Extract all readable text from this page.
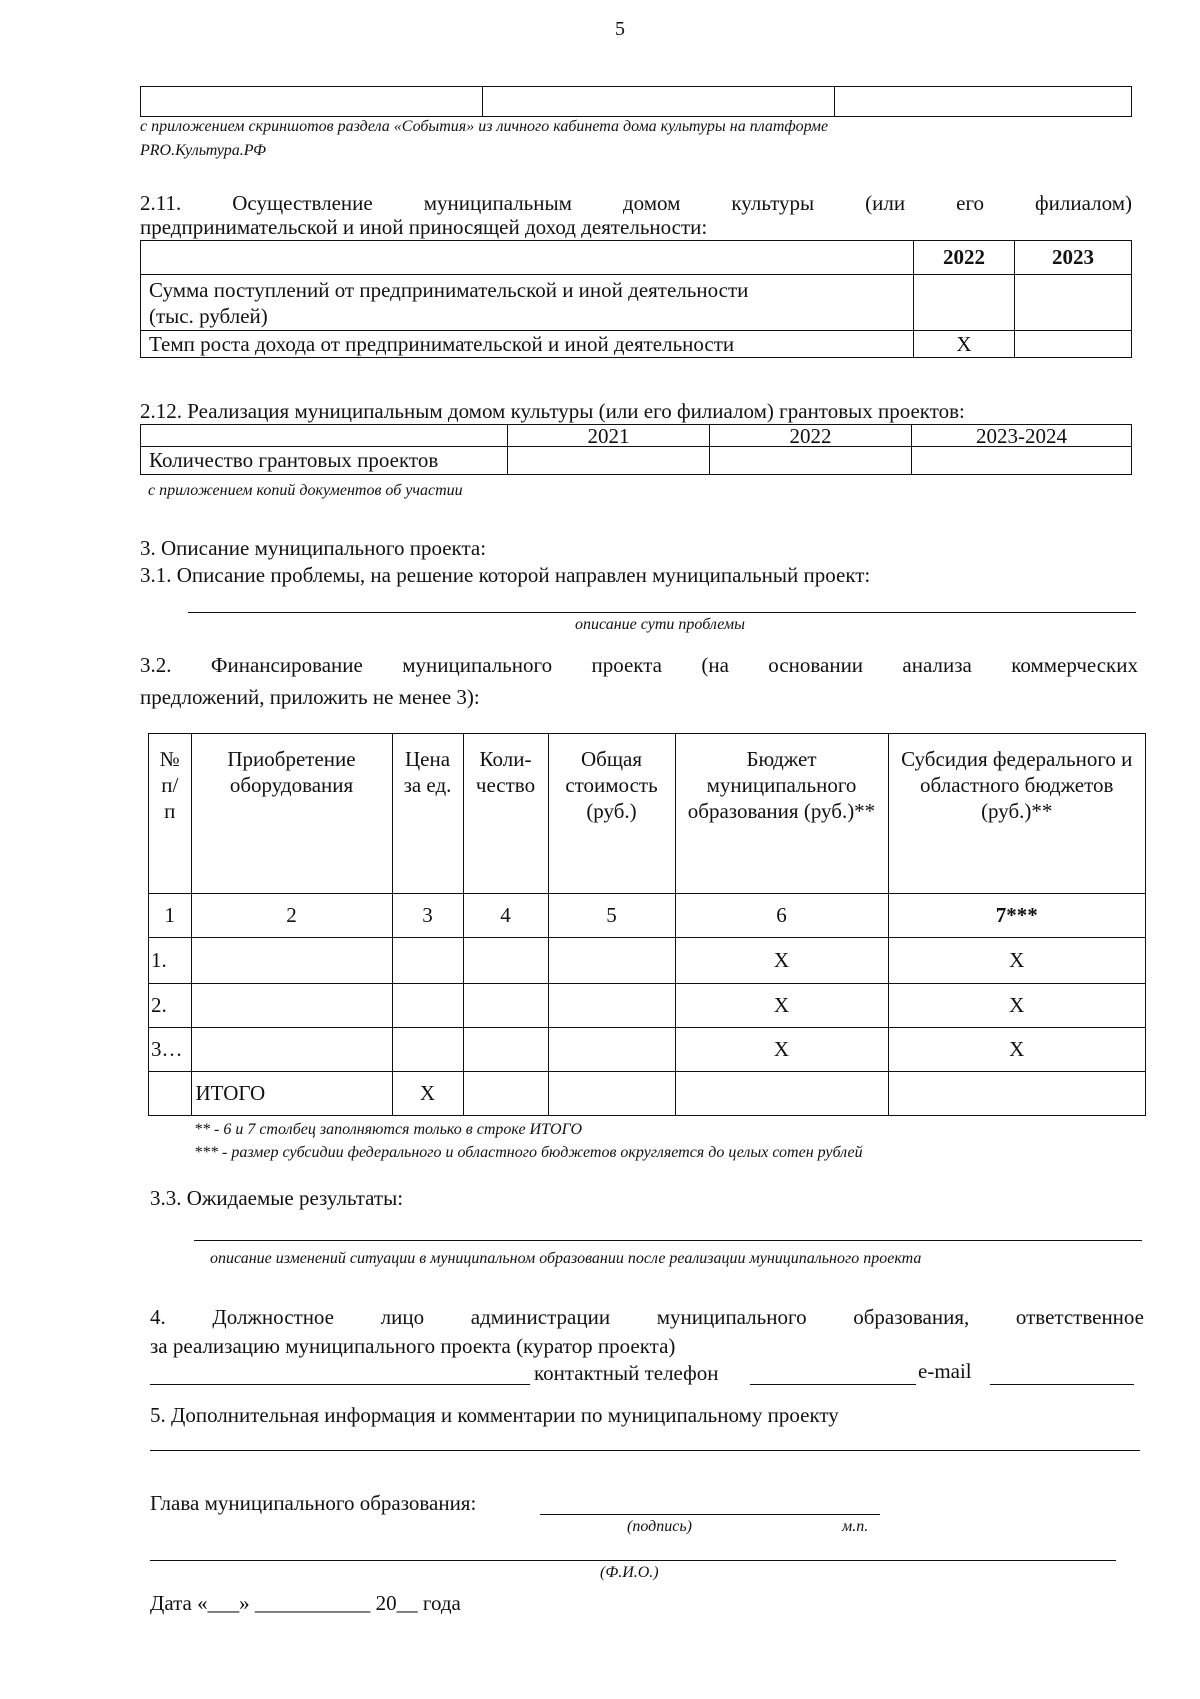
5

с приложением скриншотов раздела «События» из личного кабинета дома культуры на платформе
PRO.Культура.РФ
2.11. Осуществление муниципальным домом культуры (или его филиалом)
предпринимательской и иной приносящей доход деятельности:
	2022	2023

Сумма поступлений от предпринимательской и иной деятельности
(тыс. рублей)		

Темп роста дохода от предпринимательской и иной деятельности	X	
2.12. Реализация муниципальным домом культуры (или его филиалом) грантовых проектов:
	2021	2022	2023-2024
Количество грантовых проектов			
с приложением копий документов об участии
3. Описание муниципального проекта:
3.1. Описание проблемы, на решение которой направлен муниципальный проект:
описание сути проблемы
3.2. Финансирование муниципального проекта (на основании анализа коммерческих
предложений, приложить не менее 3):
№ п/п	Приобретение оборудования	Цена за ед.	Коли-чество	Общая стоимость (руб.)	Бюджет муниципального образования (руб.)**	Субсидия федерального и областного бюджетов (руб.)**
1	2	3	4	5	6	7***
1.					X	X
2.					X	X
3…					X	X
	ИТОГО	X				
** - 6 и 7 столбец заполняются только в строке ИТОГО
*** - размер субсидии федерального и областного бюджетов округляется до целых сотен рублей
3.3. Ожидаемые результаты:
описание изменений ситуации в муниципальном образовании после реализации муниципального проекта
4. Должностное лицо администрации муниципального образования, ответственное
за реализацию муниципального проекта (куратор проекта)
контактный телефон	e-mail
5. Дополнительная информация и комментарии по муниципальному проекту
Глава муниципального образования:
(подпись)	м.п.
(Ф.И.О.)
Дата «___» ___________ 20__ года
